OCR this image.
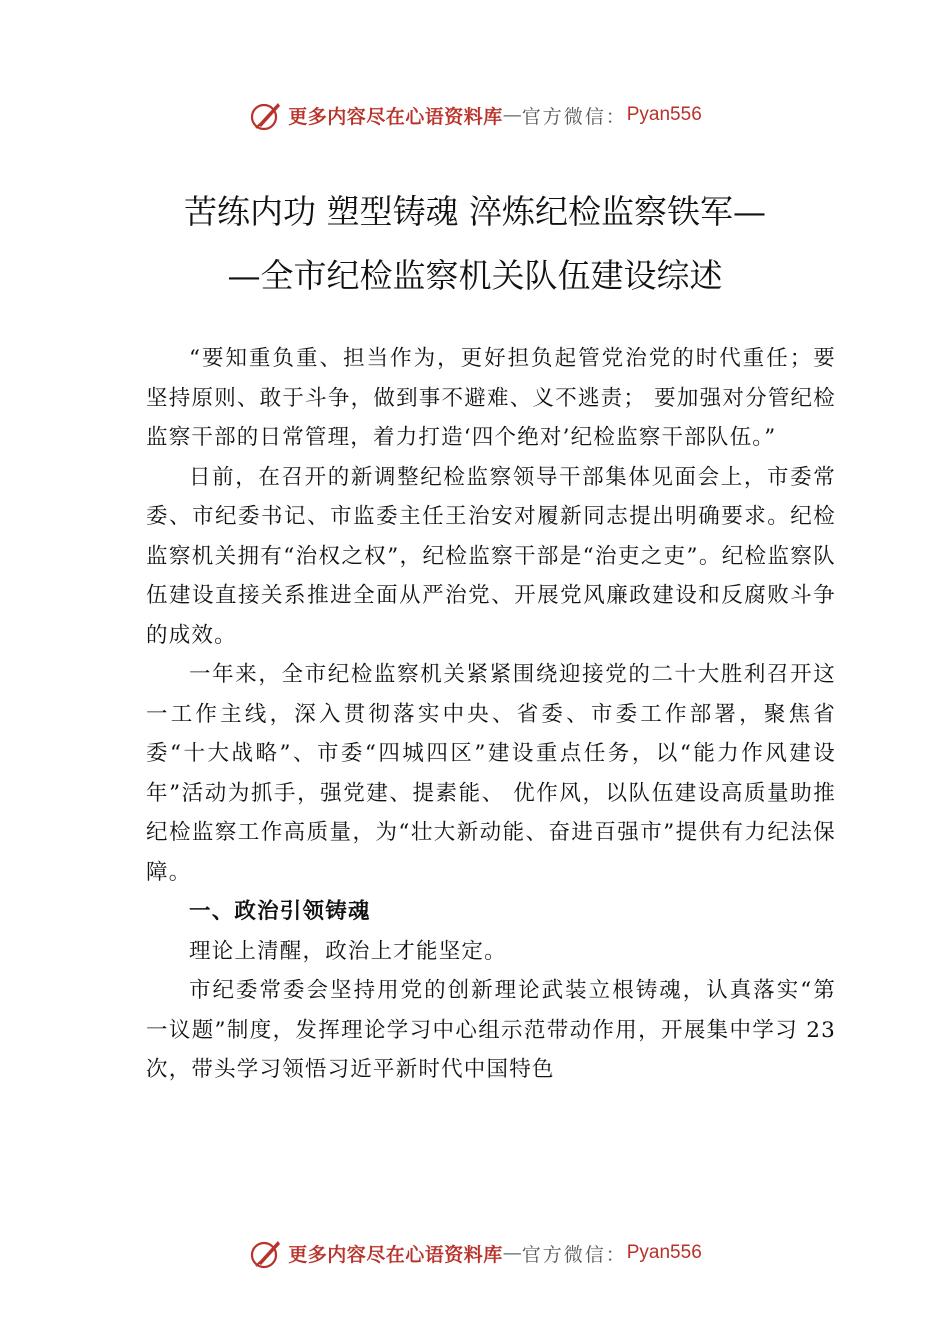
更多内容尽在心语资料库 — 官方微信： Pyan556
苦练内功 塑型铸魂 淬炼纪检监察铁军—
—全市纪检监察机关队伍建设综述

“要知重负重、担当作为，更好担负起管党治党的时代重任；要坚持原则、敢于斗争，做到事不避难、义不逃责； 要加强对分管纪检监察干部的日常管理，着力打造‘四个绝对’纪检监察干部队伍。”

日前，在召开的新调整纪检监察领导干部集体见面会上，市委常委、市纪委书记、市监委主任王治安对履新同志提出明确要求。纪检监察机关拥有“治权之权”，纪检监察干部是“治吏之吏”。纪检监察队伍建设直接关系推进全面从严治党、开展党风廉政建设和反腐败斗争的成效。

一年来，全市纪检监察机关紧紧围绕迎接党的二十大胜利召开这一工作主线，深入贯彻落实中央、省委、市委工作部署，聚焦省委“十大战略”、市委“四城四区”建设重点任务，以“能力作风建设年”活动为抓手，强党建、提素能、 优作风，以队伍建设高质量助推纪检监察工作高质量，为“壮大新动能、奋进百强市”提供有力纪法保障。

一、政治引领铸魂

理论上清醒，政治上才能坚定。

市纪委常委会坚持用党的创新理论武装立根铸魂，认真落实“第一议题”制度，发挥理论学习中心组示范带动作用，开展集中学习 23 次，带头学习领悟习近平新时代中国特色

更多内容尽在心语资料库 — 官方微信： Pyan556
